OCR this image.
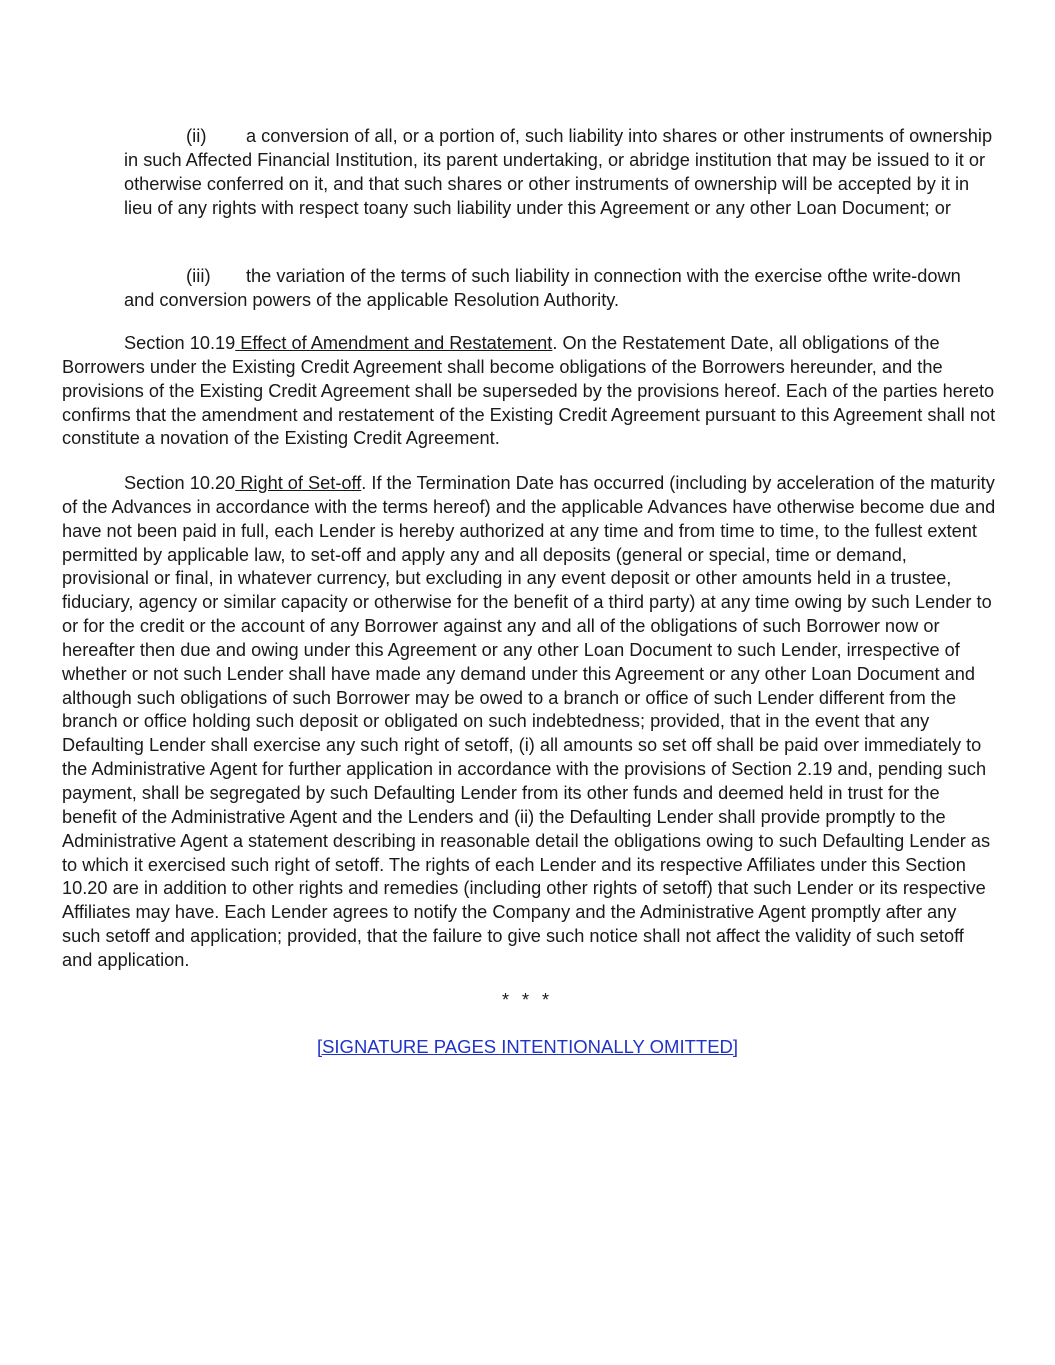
(ii) a conversion of all, or a portion of, such liability into shares or other instruments of ownership in such Affected Financial Institution, its parent undertaking, or abridge institution that may be issued to it or otherwise conferred on it, and that such shares or other instruments of ownership will be accepted by it in lieu of any rights with respect toany such liability under this Agreement or any other Loan Document; or

(iii) the variation of the terms of such liability in connection with the exercise ofthe write-down and conversion powers of the applicable Resolution Authority.

Section 10.19 Effect of Amendment and Restatement. On the Restatement Date, all obligations of the Borrowers under the Existing Credit Agreement shall become obligations of the Borrowers hereunder, and the provisions of the Existing Credit Agreement shall be superseded by the provisions hereof. Each of the parties hereto confirms that the amendment and restatement of the Existing Credit Agreement pursuant to this Agreement shall not constitute a novation of the Existing Credit Agreement.

Section 10.20 Right of Set-off. If the Termination Date has occurred (including by acceleration of the maturity of the Advances in accordance with the terms hereof) and the applicable Advances have otherwise become due and have not been paid in full, each Lender is hereby authorized at any time and from time to time, to the fullest extent permitted by applicable law, to set-off and apply any and all deposits (general or special, time or demand, provisional or final, in whatever currency, but excluding in any event deposit or other amounts held in a trustee, fiduciary, agency or similar capacity or otherwise for the benefit of a third party) at any time owing by such Lender to or for the credit or the account of any Borrower against any and all of the obligations of such Borrower now or hereafter then due and owing under this Agreement or any other Loan Document to such Lender, irrespective of whether or not such Lender shall have made any demand under this Agreement or any other Loan Document and although such obligations of such Borrower may be owed to a branch or office of such Lender different from the branch or office holding such deposit or obligated on such indebtedness; provided, that in the event that any Defaulting Lender shall exercise any such right of setoff, (i) all amounts so set off shall be paid over immediately to the Administrative Agent for further application in accordance with the provisions of Section 2.19 and, pending such payment, shall be segregated by such Defaulting Lender from its other funds and deemed held in trust for the benefit of the Administrative Agent and the Lenders and (ii) the Defaulting Lender shall provide promptly to the Administrative Agent a statement describing in reasonable detail the obligations owing to such Defaulting Lender as to which it exercised such right of setoff. The rights of each Lender and its respective Affiliates under this Section 10.20 are in addition to other rights and remedies (including other rights of setoff) that such Lender or its respective Affiliates may have. Each Lender agrees to notify the Company and the Administrative Agent promptly after any such setoff and application; provided, that the failure to give such notice shall not affect the validity of such setoff and application.

* * *
[SIGNATURE PAGES INTENTIONALLY OMITTED]
